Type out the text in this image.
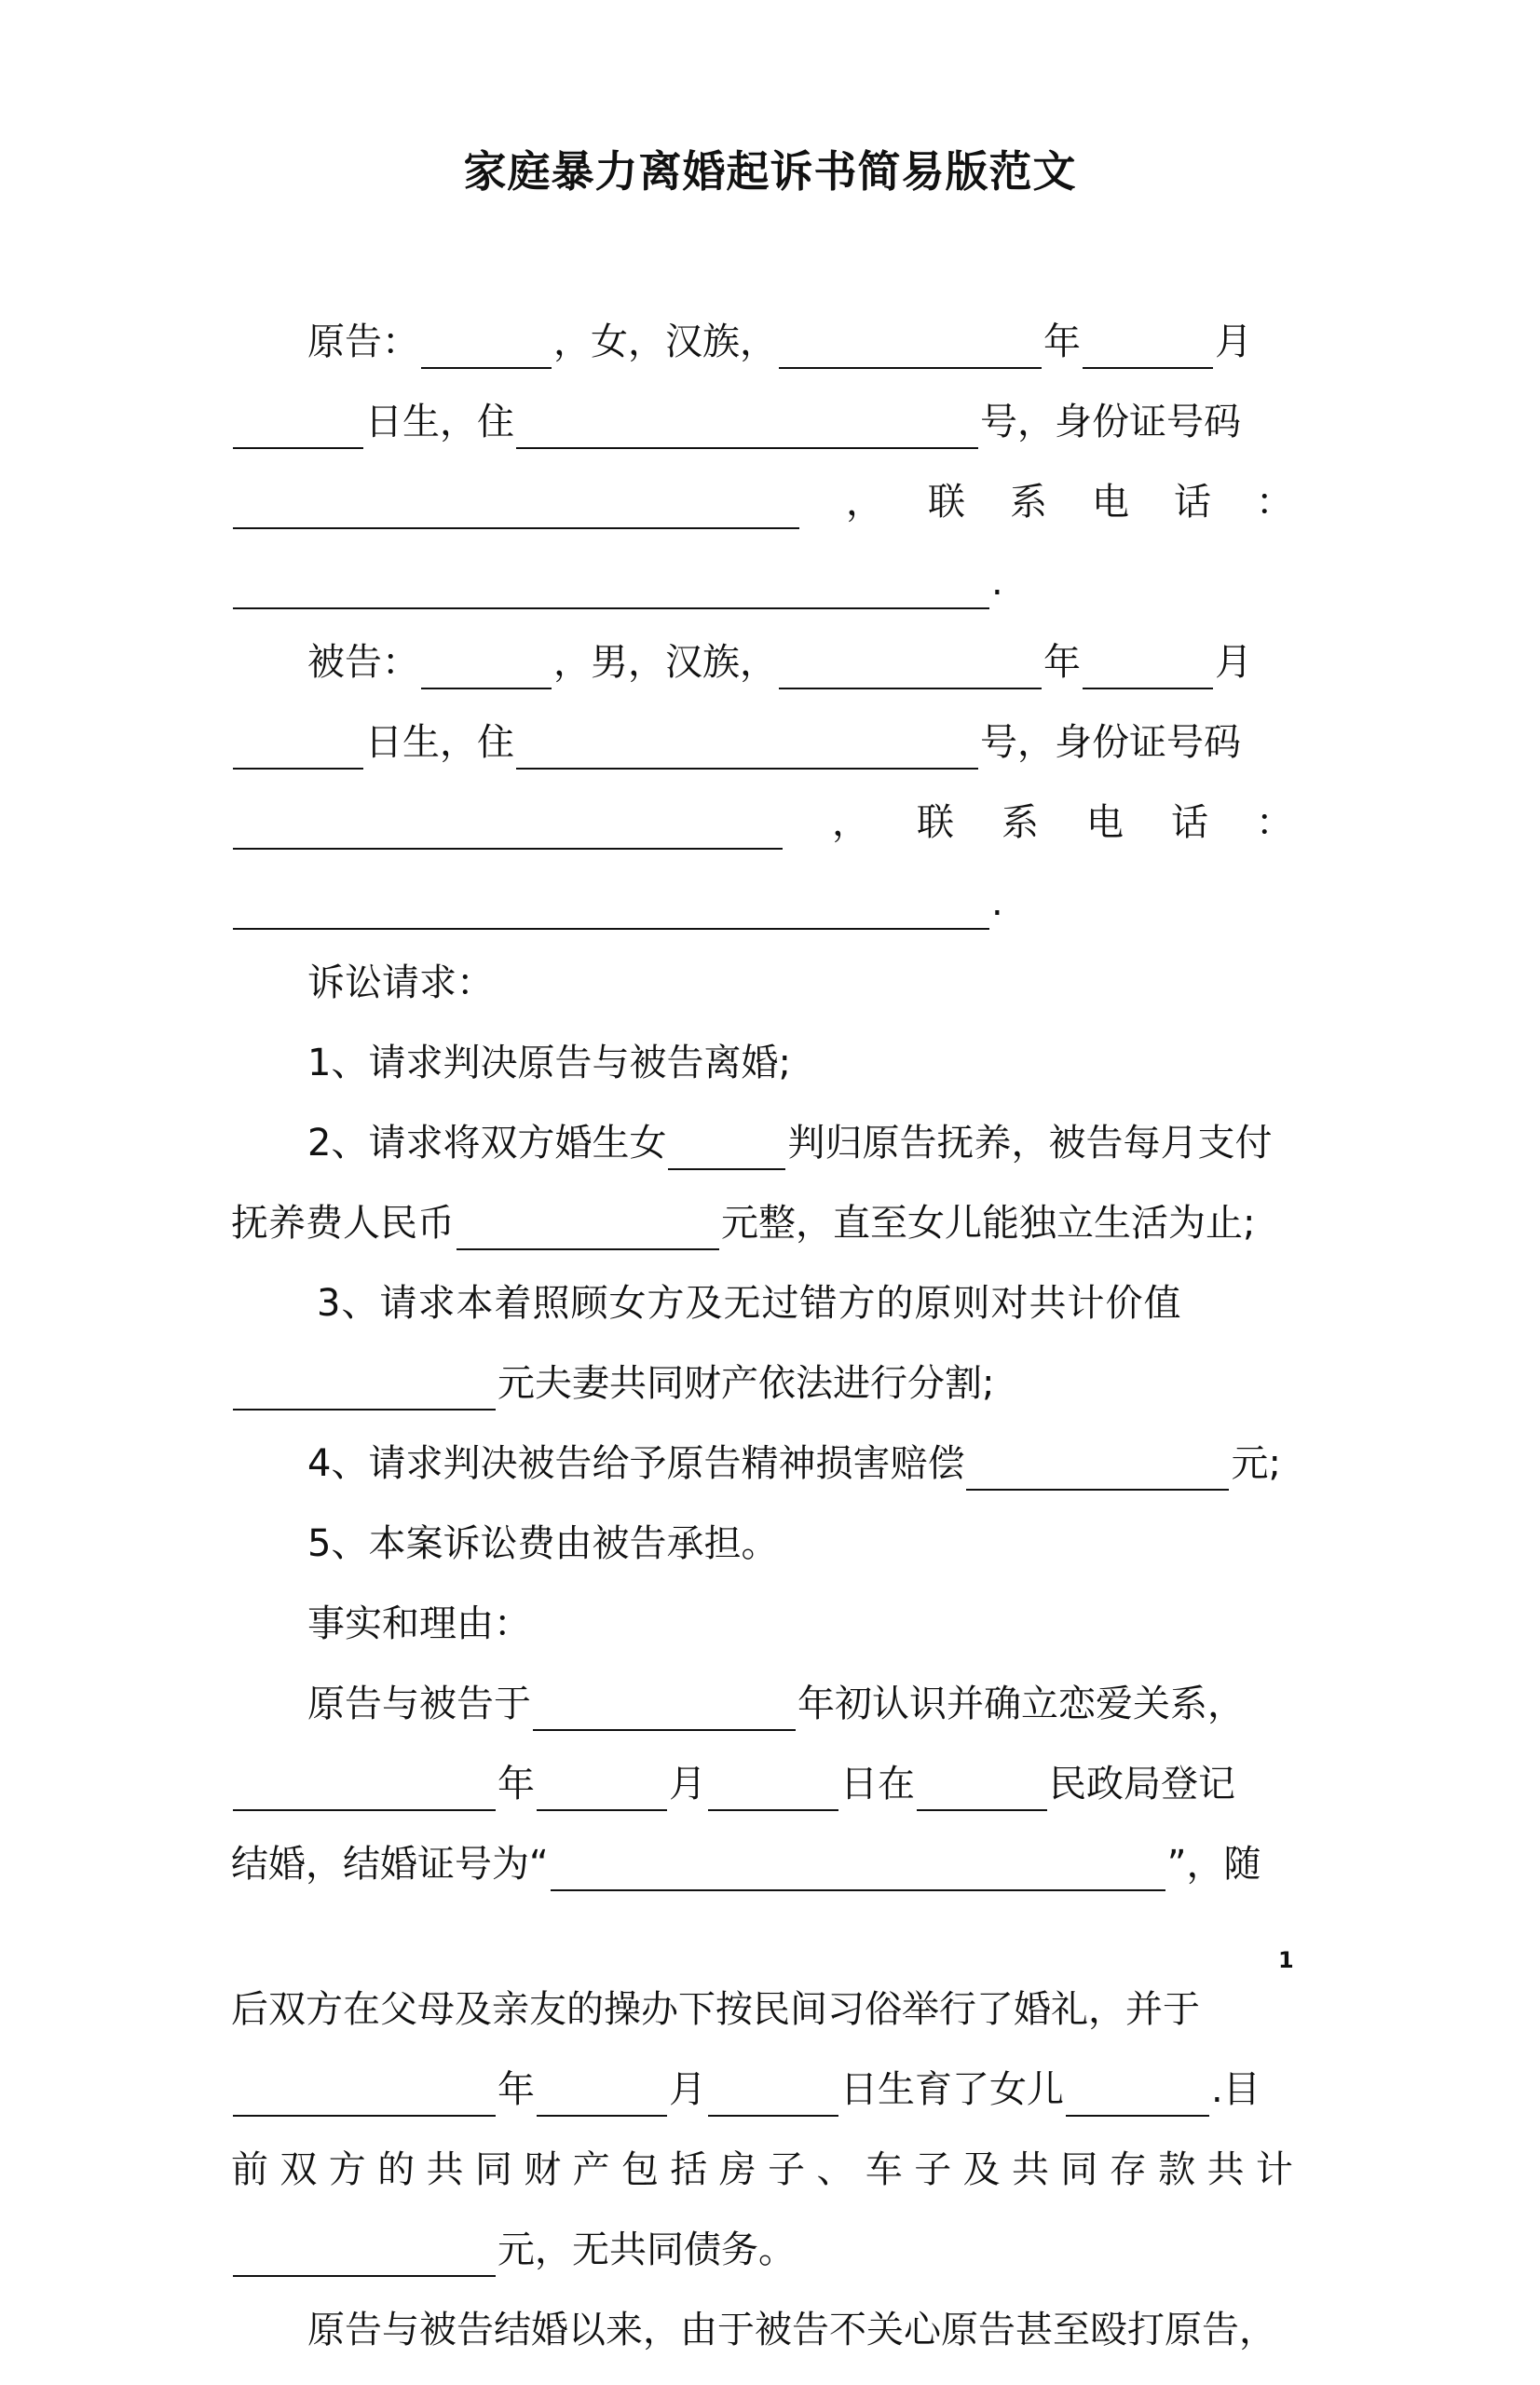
家庭暴力离婚起诉书简易版范文
原告：	，女，汉族，	年	月
日生，住	号，身份证号码
， 联 系 电 话 ：
.
被告：	，男，汉族，	年	月
日生，住	号，身份证号码
， 联 系 电 话 ：
.
诉讼请求：
1、请求判决原告与被告离婚;
2、请求将双方婚生女	判归原告抚养，被告每月支付
抚养费人民币	元整，直至女儿能独立生活为止;
3、请求本着照顾女方及无过错方的原则对共计价值
元夫妻共同财产依法进行分割;
4、请求判决被告给予原告精神损害赔偿	元;
5、本案诉讼费由被告承担。
事实和理由：
原告与被告于	年初认识并确立恋爱关系，
年	月	日在	民政局登记
结婚，结婚证号为“	”，随
1
后双方在父母及亲友的操办下按民间习俗举行了婚礼，并于
年	月	日生育了女儿	.目
前 双 方 的 共 同 财 产 包 括 房 子 、 车 子 及 共 同 存 款 共 计
元，无共同债务。
原告与被告结婚以来，由于被告不关心原告甚至殴打原告，
